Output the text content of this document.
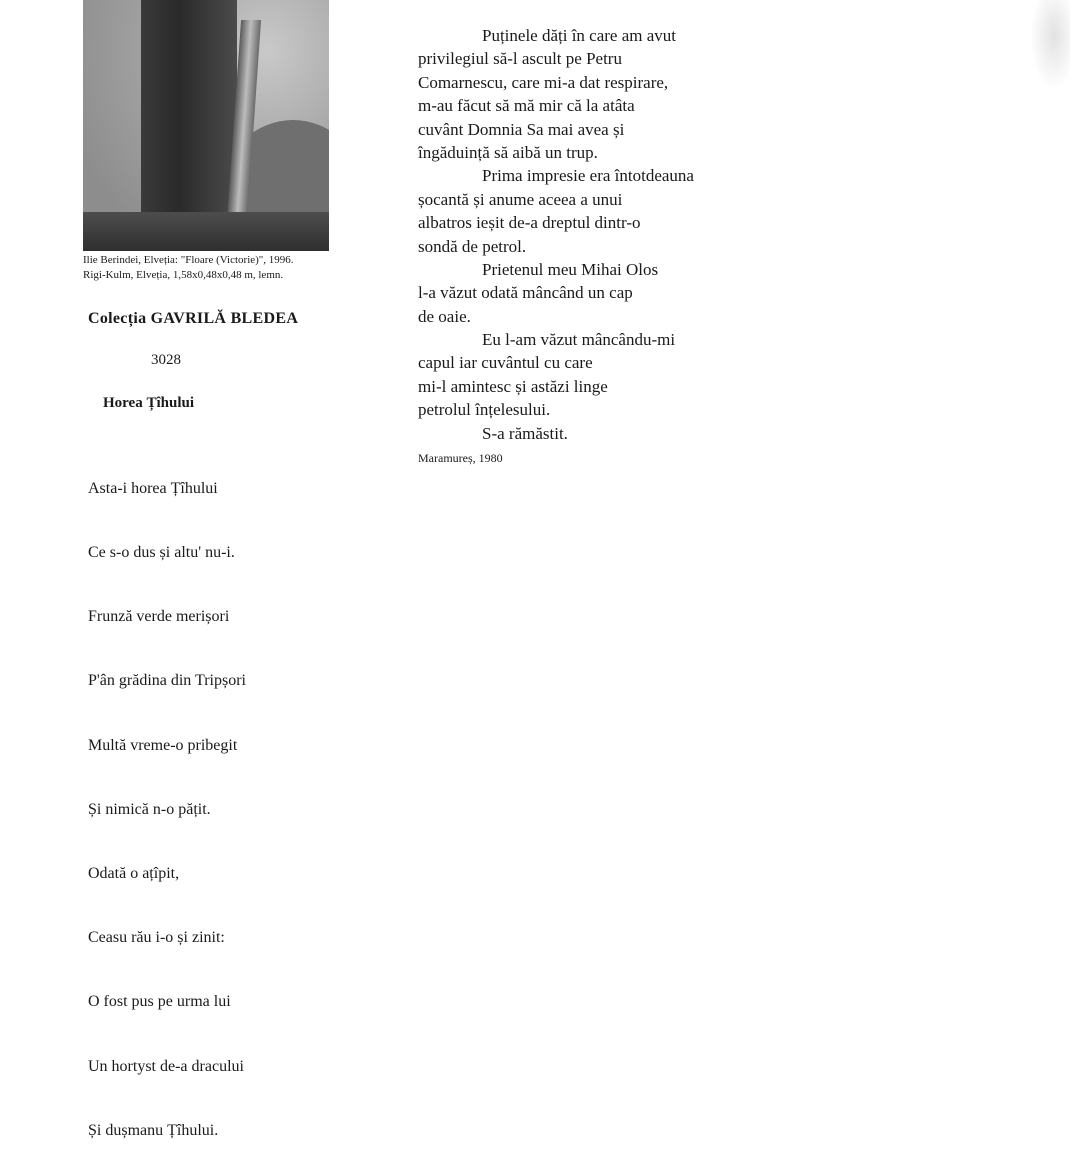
Ilie Berindei, Elveția: "Floare (Victorie)", 1996.
Rigi-Kulm, Elveția, 1,58x0,48x0,48 m, lemn.
Colecția GAVRILĂ BLEDEA
3028
Horea Țîhului

Asta-i horea Țîhului

Ce s-o dus și altu' nu-i.

Frunză verde merișori

P'ân grădina din Tripșori

Multă vreme-o pribegit

Și nimică n-o pățit.

Odată o ațîpit,

Ceasu rău i-o și zinit:

O fost pus pe urma lui

Un hortyst de-a dracului

Și dușmanu Țîhului.

Puținele dăți în care am avut
privilegiul să-l ascult pe Petru
Comarnescu, care mi-a dat respirare,
m-au făcut să mă mir că la atâta
cuvânt Domnia Sa mai avea și
îngăduință să aibă un trup.
Prima impresie era întotdeauna
șocantă și anume aceea a unui
albatros ieșit de-a dreptul dintr-o
sondă de petrol.
Prietenul meu Mihai Olos
l-a văzut odată mâncând un cap
de oaie.
Eu l-am văzut mâncându-mi
capul iar cuvântul cu care
mi-l amintesc și astăzi linge
petrolul înțelesului.
S-a rămăstit.
Maramureș, 1980
